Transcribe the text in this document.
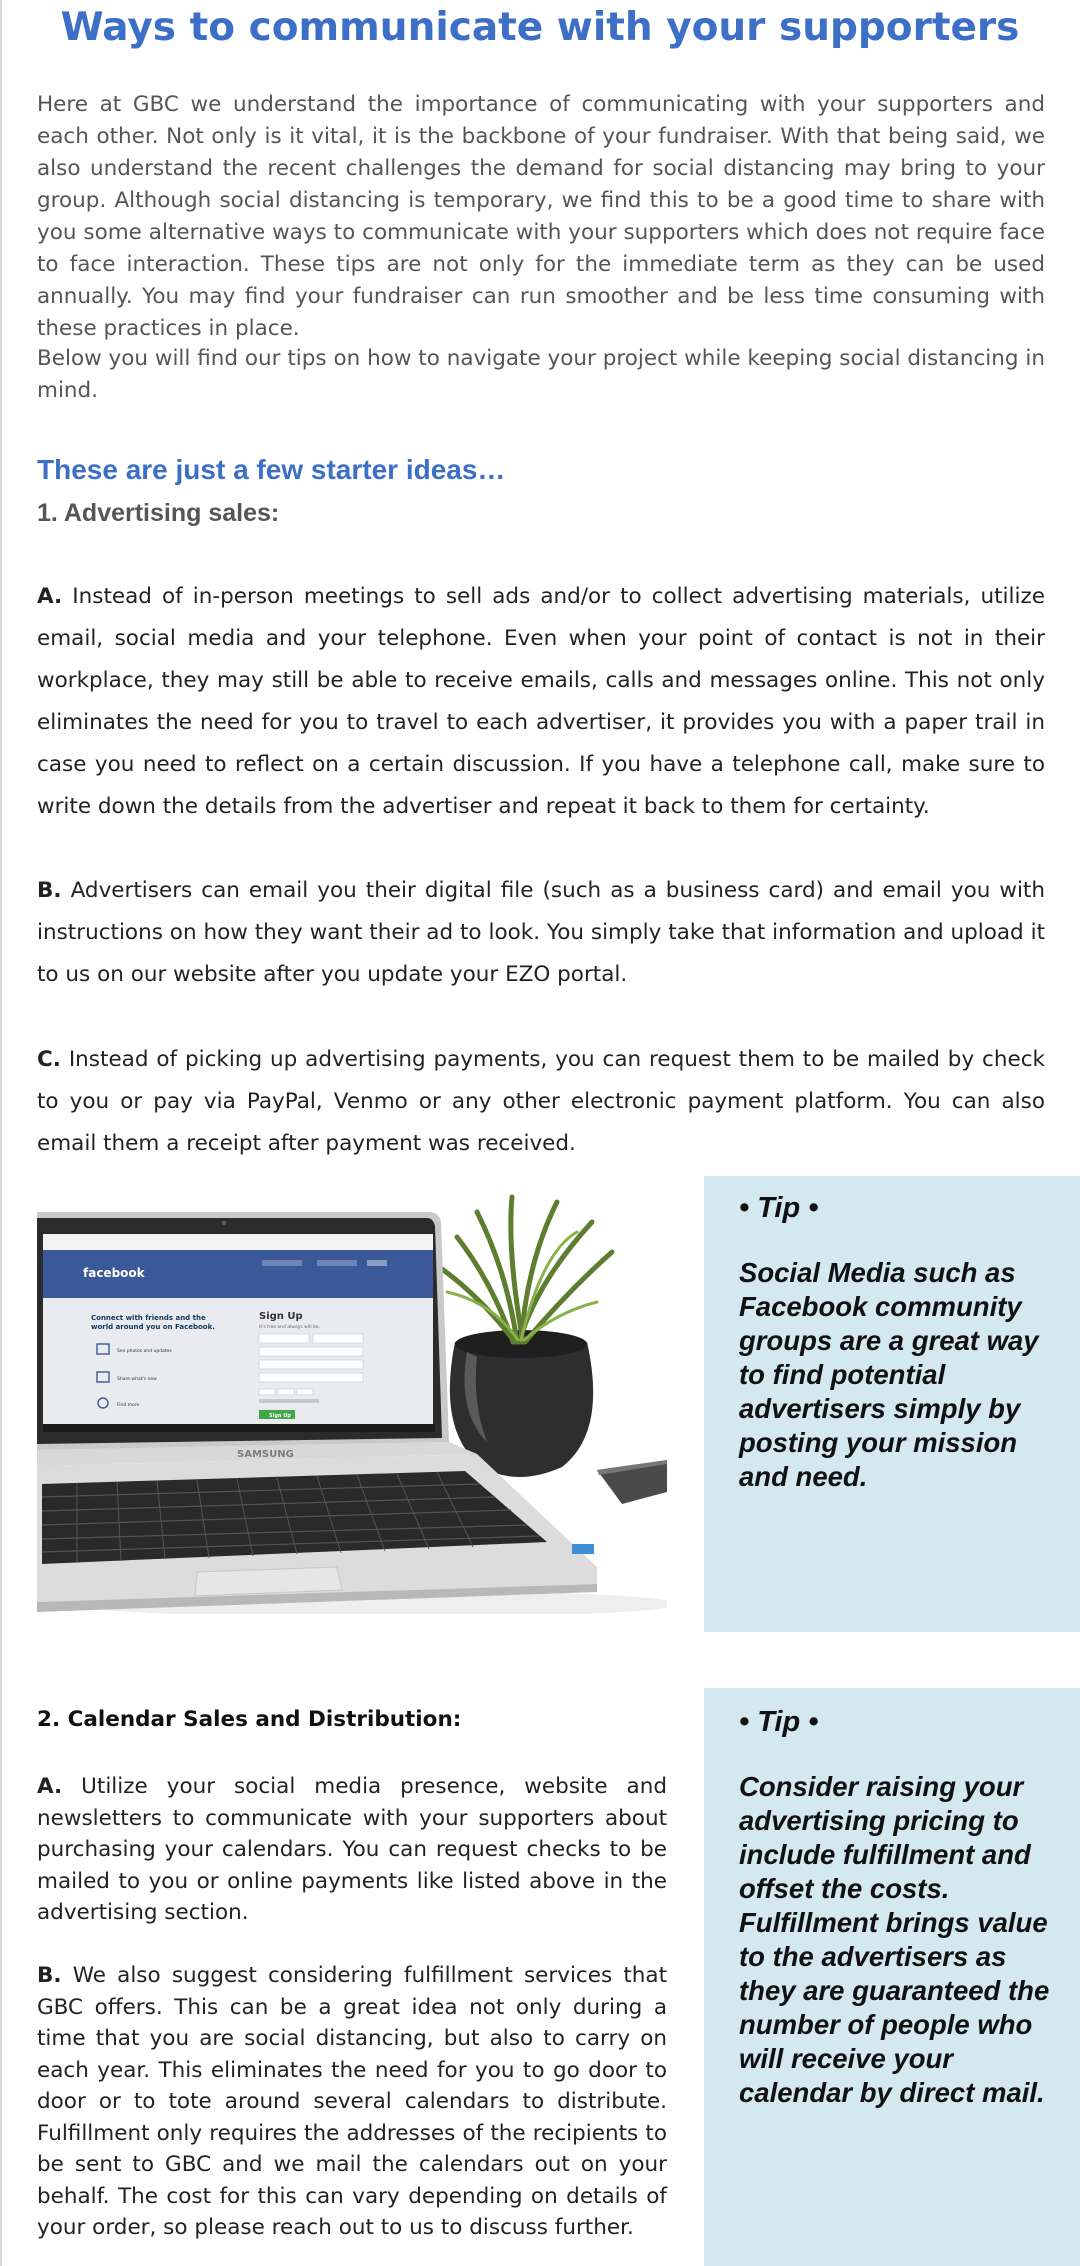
Ways to communicate with your supporters

Here at GBC we understand the importance of communicating with your supporters and each other. Not only is it vital, it is the backbone of your fundraiser. With that being said, we also understand the recent challenges the demand for social distancing may bring to your group. Although social distancing is temporary, we find this to be a good time to share with you some alternative ways to communicate with your supporters which does not require face to face interaction. These tips are not only for the immediate term as they can be used annually. You may find your fundraiser can run smoother and be less time consuming with these practices in place.

Below you will find our tips on how to navigate your project while keeping social distancing in mind.

These are just a few starter ideas…
1. Advertising sales:

A. Instead of in-person meetings to sell ads and/or to collect advertising materials, utilize email, social media and your telephone. Even when your point of contact is not in their workplace, they may still be able to receive emails, calls and messages online. This not only eliminates the need for you to travel to each advertiser, it provides you with a paper trail in case you need to reflect on a certain discussion. If you have a telephone call, make sure to write down the details from the advertiser and repeat it back to them for certainty.

B. Advertisers can email you their digital file (such as a business card) and email you with instructions on how they want their ad to look. You simply take that information and upload it to us on our website after you update your EZO portal.

C. Instead of picking up advertising payments, you can request them to be mailed by check to you or pay via PayPal, Venmo or any other electronic payment platform. You can also email them a receipt after payment was received.

facebook
Connect with friends and the world around you on Facebook.
See photos and updates
Share what's new
Find more
Sign Up
It's free and always will be.
Sign Up
SAMSUNG

• Tip •

Social Media such as Facebook community groups are a great way to find potential advertisers simply by posting your mission and need.

2. Calendar Sales and Distribution:

A. Utilize your social media presence, website and newsletters to communicate with your supporters about purchasing your calendars. You can request checks to be mailed to you or online payments like listed above in the advertising section.

B. We also suggest considering fulfillment services that GBC offers. This can be a great idea not only during a time that you are social distancing, but also to carry on each year. This eliminates the need for you to go door to door or to tote around several calendars to distribute. Fulfillment only requires the addresses of the recipients to be sent to GBC and we mail the calendars out on your behalf. The cost for this can vary depending on details of your order, so please reach out to us to discuss further.

• Tip •

Consider raising your advertising pricing to include fulfillment and offset the costs. Fulfillment brings value to the advertisers as they are guaranteed the number of people who will receive your calendar by direct mail.
